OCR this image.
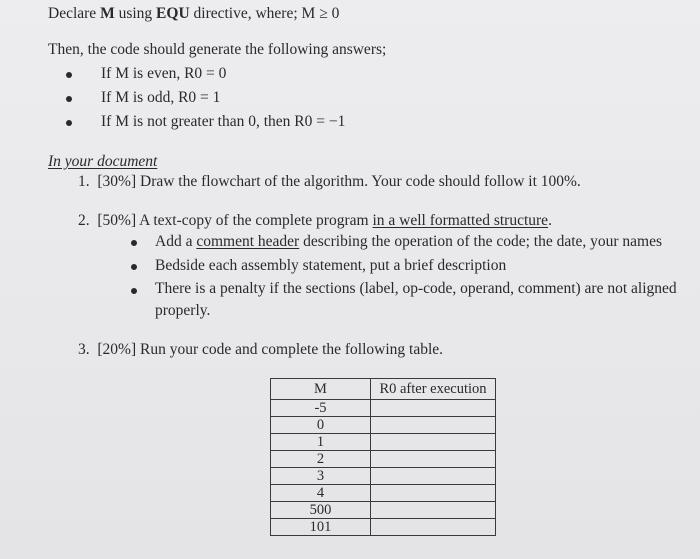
Declare M using EQU directive, where; M ≥ 0
Then, the code should generate the following answers;
If M is even, R0 = 0
If M is odd, R0 = 1
If M is not greater than 0, then R0 = −1
In your document
1. [30%] Draw the flowchart of the algorithm. Your code should follow it 100%.
2. [50%] A text-copy of the complete program in a well formatted structure.
Add a comment header describing the operation of the code; the date, your names
Bedside each assembly statement, put a brief description
There is a penalty if the sections (label, op-code, operand, comment) are not aligned
properly.
3. [20%] Run your code and complete the following table.
M	R0 after execution
-5	
0	
1	
2	
3	
4	
500	
101	
